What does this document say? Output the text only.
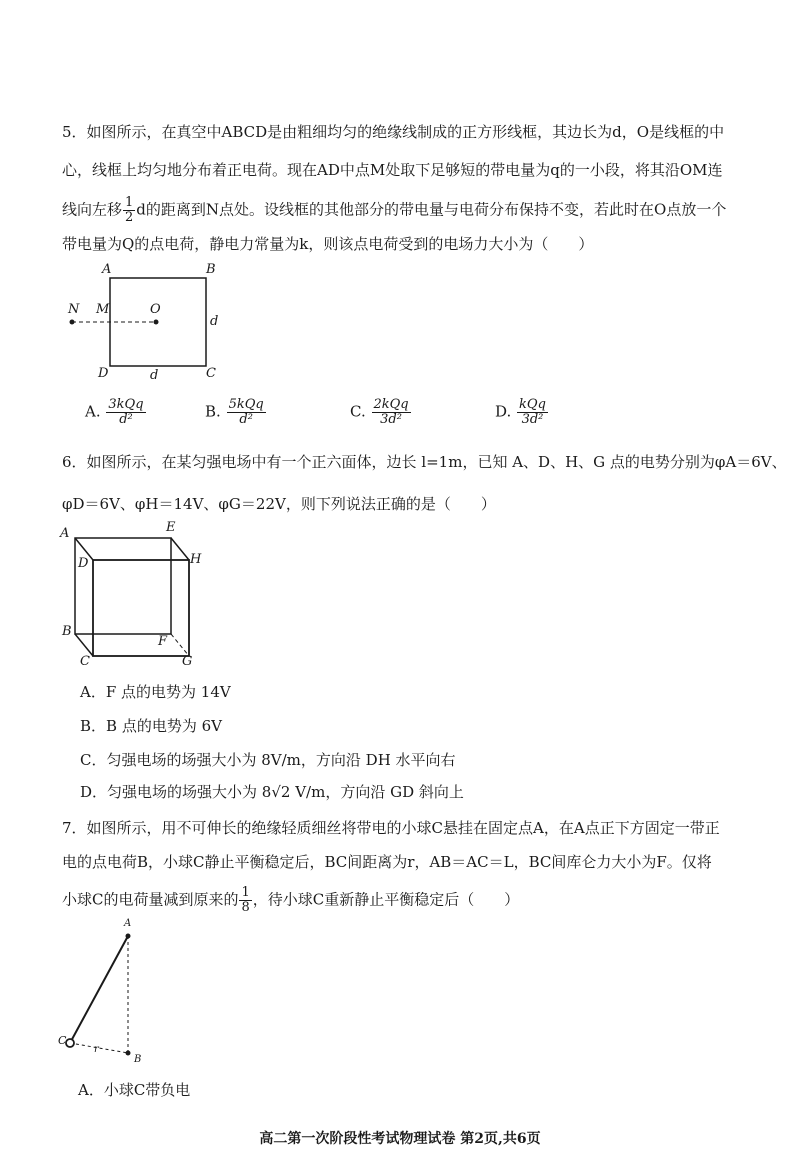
5．如图所示，在真空中ABCD是由粗细均匀的绝缘线制成的正方形线框，其边长为d，O是线框的中
心，线框上均匀地分布着正电荷。现在AD中点M处取下足够短的带电量为q的一小段，将其沿OM连
线向左移 $\frac{1}{2}$ d的距离到N点处。设线框的其他部分的带电量与电荷分布保持不变，若此时在O点放一个
带电量为Q的点电荷，静电力常量为k，则该点电荷受到的电场力大小为（　　）
A	B
D	C
N M	O
d
d
A. $\frac{\text{3kQq}}{\text{d²}}$	B. $\frac{\text{5kQq}}{\text{d²}}$	C. $\frac{\text{2kQq}}{\text{3d²}}$	D. $\frac{\text{kQq}}{\text{3d²}}$
6．如图所示，在某匀强电场中有一个正六面体，边长 l=1m，已知 A、D、H、G 点的电势分别为φA＝6V、
φD＝6V、φH＝14V、φG＝22V，则下列说法正确的是（　　）
A	E
D	H
B
F
C	G
A．F 点的电势为 14V
B．B 点的电势为 6V
C．匀强电场的场强大小为 8V/m，方向沿 DH 水平向右
D．匀强电场的场强大小为 8√2 V/m，方向沿 GD 斜向上
7．如图所示，用不可伸长的绝缘轻质细丝将带电的小球C悬挂在固定点A，在A点正下方固定一带正
电的点电荷B，小球C静止平衡稳定后，BC间距离为r，AB＝AC＝L，BC间库仑力大小为F。仅将
小球C的电荷量减到原来的 $\frac{1}{8}$ ，待小球C重新静止平衡稳定后（　　）
A
C
r
B
A．小球C带负电
高二第一次阶段性考试物理试卷 第2页,共6页
